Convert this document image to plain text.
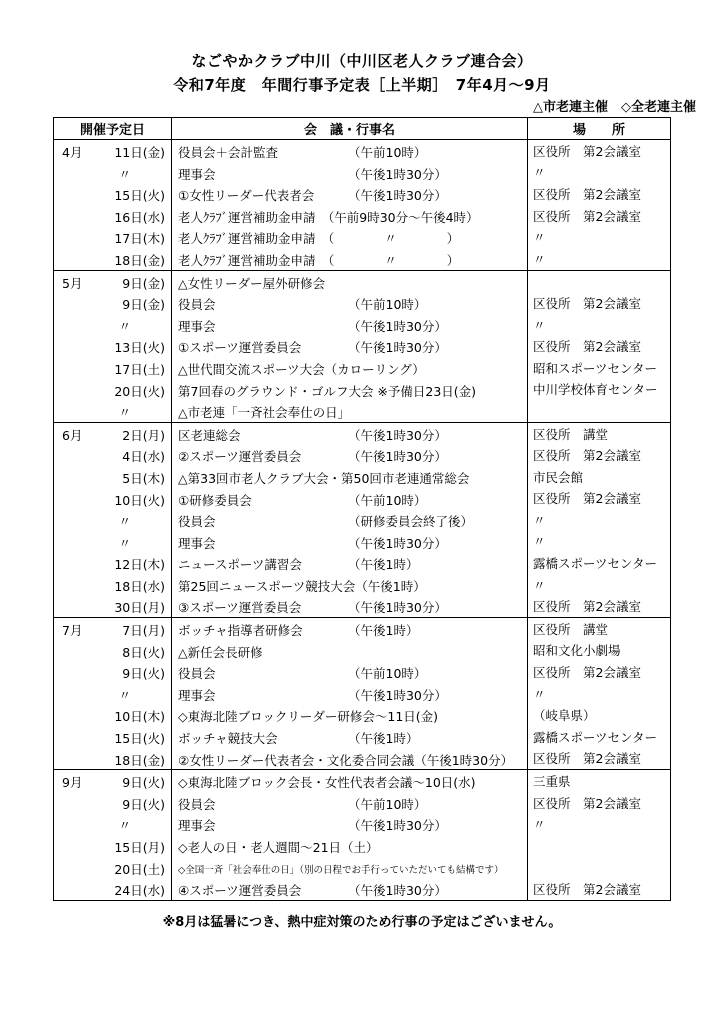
なごやかクラブ中川（中川区老人クラブ連合会）
令和7年度　年間行事予定表［上半期］　7年4月～9月
△市老連主催　◇全老連主催
開催予定日	会　議・行事名	場　　所

4月 11日(金)	役員会＋会計監査 （午前10時）	区役所　第2会議室

〃	理事会 （午後1時30分）	〃

15日(火)	①女性リーダー代表者会 （午後1時30分）	区役所　第2会議室

16日(水)	老人ｸﾗﾌﾞ運営補助金申請　（午前9時30分～午後4時）	区役所　第2会議室

17日(木)	老人ｸﾗﾌﾞ運営補助金申請　（　　　　〃　　　　）	〃

18日(金)	老人ｸﾗﾌﾞ運営補助金申請　（　　　　〃　　　　）	〃

5月 9日(金)	△女性リーダー屋外研修会	

9日(金)	役員会 （午前10時）	区役所　第2会議室

〃	理事会 （午後1時30分）	〃

13日(火)	①スポーツ運営委員会 （午後1時30分）	区役所　第2会議室

17日(土)	△世代間交流スポーツ大会（カローリング）	昭和スポーツセンター

20日(火)	第7回春のグラウンド・ゴルフ大会 ※予備日23日(金)	中川学校体育センター

〃	△市老連「一斉社会奉仕の日」	

6月 2日(月)	区老連総会 （午後1時30分）	区役所　講堂

4日(水)	②スポーツ運営委員会 （午後1時30分）	区役所　第2会議室

5日(木)	△第33回市老人クラブ大会・第50回市老連通常総会	市民会館

10日(火)	①研修委員会 （午前10時）	区役所　第2会議室

〃	役員会 （研修委員会終了後）	〃

〃	理事会 （午後1時30分）	〃

12日(木)	ニュースポーツ講習会 （午後1時）	露橋スポーツセンター

18日(水)	第25回ニュースポーツ競技大会（午後1時）	〃

30日(月)	③スポーツ運営委員会 （午後1時30分）	区役所　第2会議室

7月 7日(月)	ボッチャ指導者研修会 （午後1時）	区役所　講堂

8日(火)	△新任会長研修	昭和文化小劇場

9日(火)	役員会 （午前10時）	区役所　第2会議室

〃	理事会 （午後1時30分）	〃

10日(木)	◇東海北陸ブロックリーダー研修会～11日(金)	（岐阜県）

15日(火)	ボッチャ競技大会 （午後1時）	露橋スポーツセンター

18日(金)	②女性リーダー代表者会・文化委合同会議（午後1時30分）	区役所　第2会議室

9月 9日(火)	◇東海北陸ブロック会長・女性代表者会議～10日(水)	三重県

9日(火)	役員会 （午前10時）	区役所　第2会議室

〃	理事会 （午後1時30分）	〃

15日(月)	◇老人の日・老人週間～21日（土）	

20日(土)	◇全国一斉「社会奉仕の日」（別の日程でお手行っていただいても結構です）	

24日(水)	④スポーツ運営委員会 （午後1時30分）	区役所　第2会議室
※8月は猛暑につき、熱中症対策のため行事の予定はございません。
